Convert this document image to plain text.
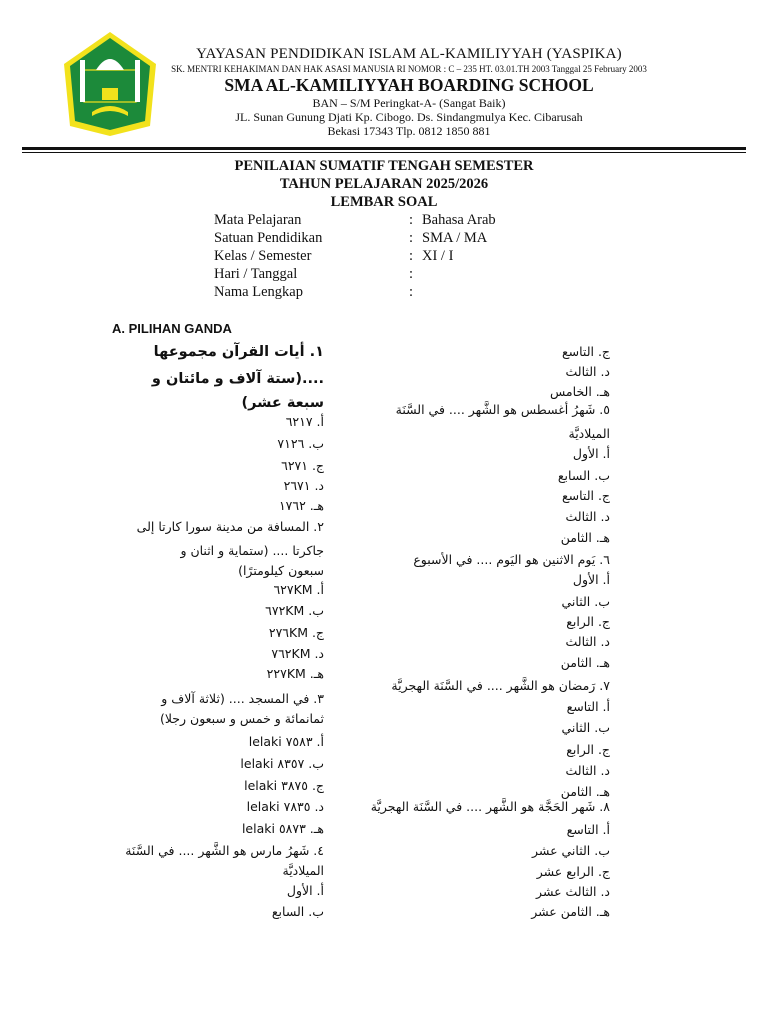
YAYASAN PENDIDIKAN ISLAM AL-KAMILIYYAH (YASPIKA)
SK. MENTRI KEHAKIMAN DAN HAK ASASI MANUSIA RI NOMOR : C – 235 HT. 03.01.TH 2003 Tanggal 25 February 2003
SMA AL-KAMILIYYAH BOARDING SCHOOL
BAN – S/M Peringkat-A- (Sangat Baik)
JL. Sunan Gunung Djati Kp. Cibogo. Ds. Sindangmulya Kec. Cibarusah
Bekasi 17343 Tlp. 0812 1850 881
PENILAIAN SUMATIF TENGAH SEMESTER
TAHUN PELAJARAN 2025/2026
LEMBAR SOAL
Mata Pelajaran	: Bahasa Arab
Satuan Pendidikan	: SMA / MA
Kelas / Semester	: XI / I
Hari / Tanggal	:
Nama Lengkap	:
A. PILIHAN GANDA
١. أيات القرآن مجموعها
....(ستة آلاف و مائتان و
سبعة عشر)
أ. ٦٢١٧
ب. ٧١٢٦
ج. ٦٢٧١
د. ٢٦٧١
هـ. ١٧٦٢
٢. المسافة من مدينة سورا كارتا إلى
جاكرتا .... (ستماية و اثنان و
سبعون كيلومترًا)
أ. ٦٢٧KM
ب. ٦٧٢KM
ج. ٢٧٦KM
د. ٧٦٢KM
هـ. ٢٢٧KM
٣. في المسجد .... (ثلاثة آلاف و
ثمانمائة و خمس و سبعون رجلا)
أ. ٧٥٨٣ lelaki
ب. ٨٣٥٧ lelaki
ج. ٣٨٧٥ lelaki
د. ٧٨٣٥ lelaki
هـ. ٥٨٧٣ lelaki
٤. شَهرُ مارس هو الشَّهر .... في السَّنَة
الميلاديَّة
أ. الأول
ب. السابع
ج. التاسع
د. الثالث
هـ. الخامس
٥. شَهرُ أغسطس هو الشَّهر .... في السَّنَة
الميلاديَّة
أ. الأول
ب. السابع
ج. التاسع
د. الثالث
هـ. الثامن
٦. يَوم الاثنين هو اليَوم .... في الأسبوع
أ. الأول
ب. الثاني
ج. الرابع
د. الثالث
هـ. الثامن
٧. رَمضان هو الشَّهر .... في السَّنَة الهجريَّة
أ. التاسع
ب. الثاني
ج. الرابع
د. الثالث
هـ. الثامن
٨. شَهر الحَجَّة هو الشَّهر .... في السَّنَة الهجريَّة
أ. التاسع
ب. الثاني عشر
ج. الرابع عشر
د. الثالث عشر
هـ. الثامن عشر
